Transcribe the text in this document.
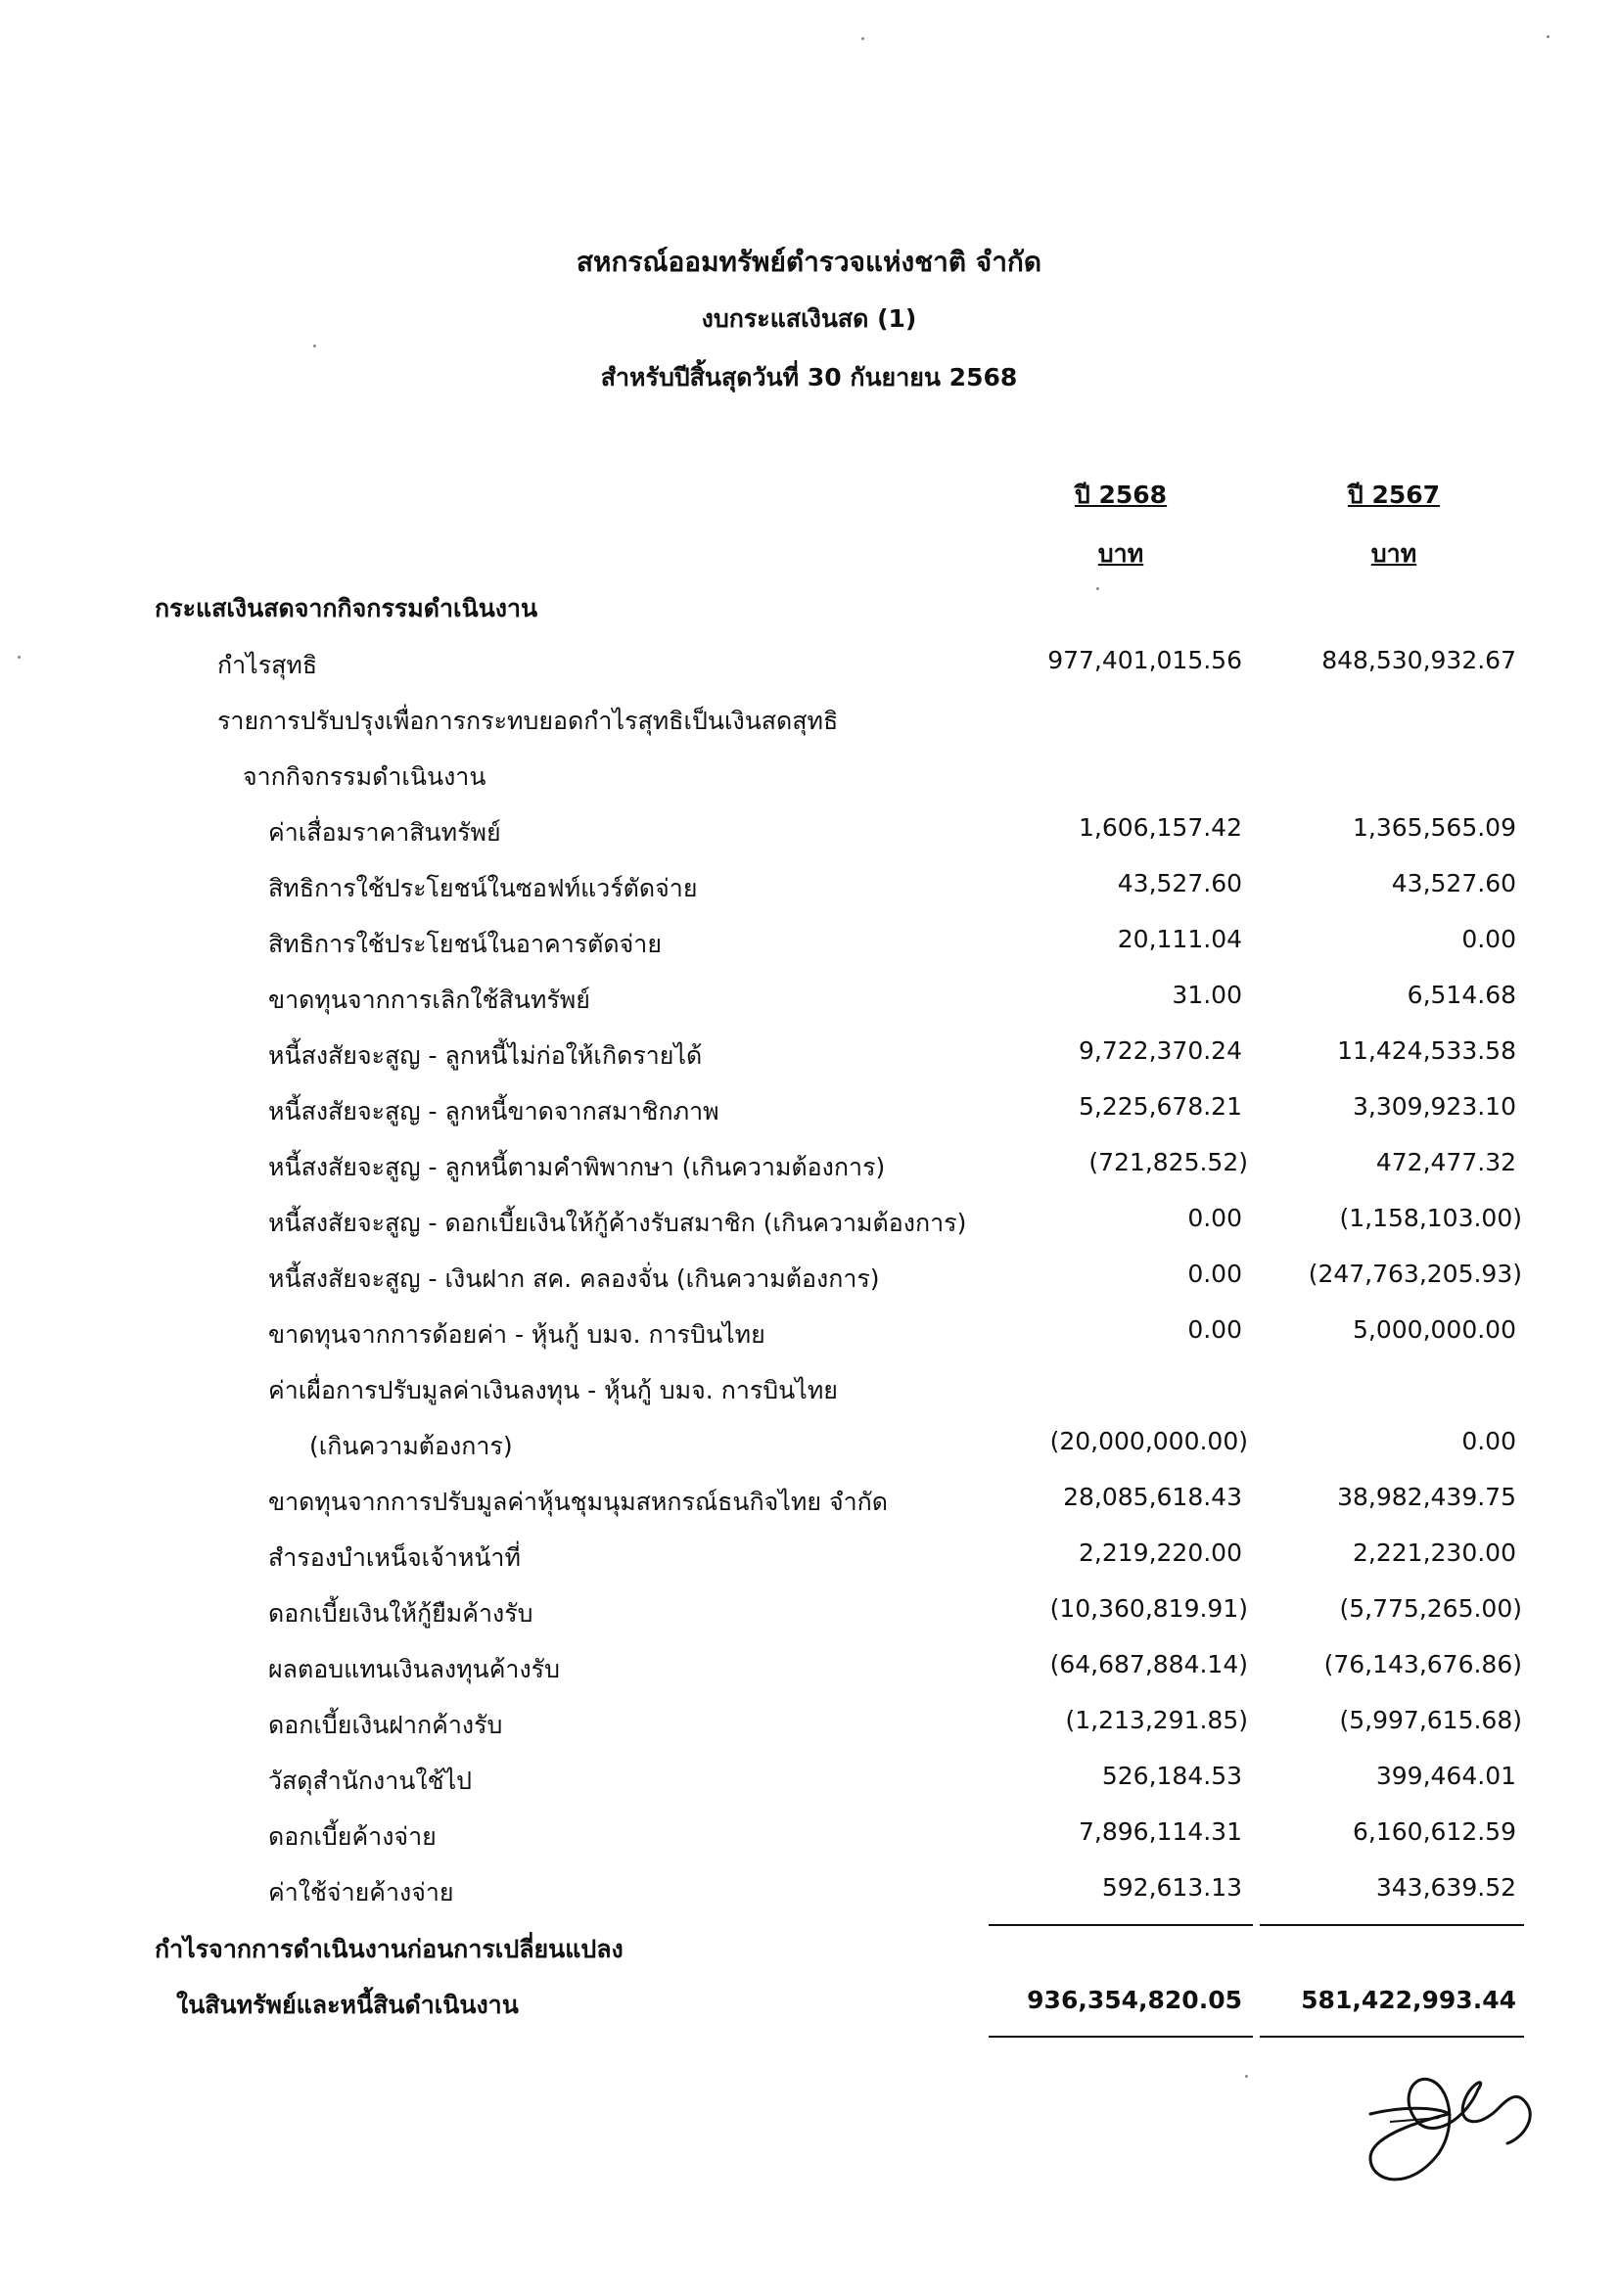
สหกรณ์ออมทรัพย์ตำรวจแห่งชาติ จำกัด
งบกระแสเงินสด (1)
สำหรับปีสิ้นสุดวันที่ 30 กันยายน 2568
ปี 2568	ปี 2567
บาท	บาท
กระแสเงินสดจากกิจกรรมดำเนินงาน
กำไรสุทธิ	977,401,015.56	848,530,932.67
รายการปรับปรุงเพื่อการกระทบยอดกำไรสุทธิเป็นเงินสดสุทธิ
จากกิจกรรมดำเนินงาน
ค่าเสื่อมราคาสินทรัพย์	1,606,157.42	1,365,565.09
สิทธิการใช้ประโยชน์ในซอฟท์แวร์ตัดจ่าย	43,527.60	43,527.60
สิทธิการใช้ประโยชน์ในอาคารตัดจ่าย	20,111.04	0.00
ขาดทุนจากการเลิกใช้สินทรัพย์	31.00	6,514.68
หนี้สงสัยจะสูญ - ลูกหนี้ไม่ก่อให้เกิดรายได้	9,722,370.24	11,424,533.58
หนี้สงสัยจะสูญ - ลูกหนี้ขาดจากสมาชิกภาพ	5,225,678.21	3,309,923.10
หนี้สงสัยจะสูญ - ลูกหนี้ตามคำพิพากษา (เกินความต้องการ)	(721,825.52)	472,477.32
หนี้สงสัยจะสูญ - ดอกเบี้ยเงินให้กู้ค้างรับสมาชิก (เกินความต้องการ)	0.00	(1,158,103.00)
หนี้สงสัยจะสูญ - เงินฝาก สค. คลองจั่น (เกินความต้องการ)	0.00	(247,763,205.93)
ขาดทุนจากการด้อยค่า - หุ้นกู้ บมจ. การบินไทย	0.00	5,000,000.00
ค่าเผื่อการปรับมูลค่าเงินลงทุน - หุ้นกู้ บมจ. การบินไทย
(เกินความต้องการ)	(20,000,000.00)	0.00
ขาดทุนจากการปรับมูลค่าหุ้นชุมนุมสหกรณ์ธนกิจไทย จำกัด	28,085,618.43	38,982,439.75
สำรองบำเหน็จเจ้าหน้าที่	2,219,220.00	2,221,230.00
ดอกเบี้ยเงินให้กู้ยืมค้างรับ	(10,360,819.91)	(5,775,265.00)
ผลตอบแทนเงินลงทุนค้างรับ	(64,687,884.14)	(76,143,676.86)
ดอกเบี้ยเงินฝากค้างรับ	(1,213,291.85)	(5,997,615.68)
วัสดุสำนักงานใช้ไป	526,184.53	399,464.01
ดอกเบี้ยค้างจ่าย	7,896,114.31	6,160,612.59
ค่าใช้จ่ายค้างจ่าย	592,613.13	343,639.52
กำไรจากการดำเนินงานก่อนการเปลี่ยนแปลง
ในสินทรัพย์และหนี้สินดำเนินงาน	936,354,820.05 581,422,993.44
